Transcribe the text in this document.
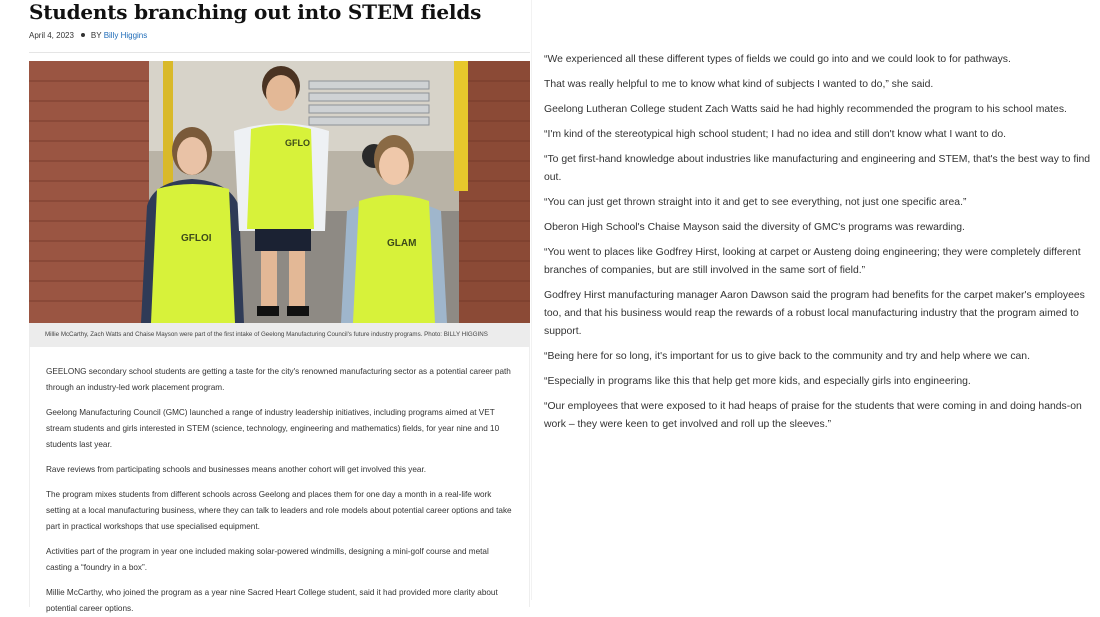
Students branching out into STEM fields
April 4, 2023 BY Billy Higgins
GFLOI
GFLO
GLAM
Millie McCarthy, Zach Watts and Chaise Mayson were part of the first intake of Geelong Manufacturing Council's future industry programs. Photo: BILLY HIGGINS

GEELONG secondary school students are getting a taste for the city's renowned manufacturing sector as a potential career path through an industry-led work placement program.

Geelong Manufacturing Council (GMC) launched a range of industry leadership initiatives, including programs aimed at VET stream students and girls interested in STEM (science, technology, engineering and mathematics) fields, for year nine and 10 students last year.

Rave reviews from participating schools and businesses means another cohort will get involved this year.

The program mixes students from different schools across Geelong and places them for one day a month in a real-life work setting at a local manufacturing business, where they can talk to leaders and role models about potential career options and take part in practical workshops that use specialised equipment.

Activities part of the program in year one included making solar-powered windmills, designing a mini-golf course and metal casting a “foundry in a box”.

Millie McCarthy, who joined the program as a year nine Sacred Heart College student, said it had provided more clarity about potential career options.

“We experienced all these different types of fields we could go into and we could look to for pathways.

That was really helpful to me to know what kind of subjects I wanted to do,” she said.

Geelong Lutheran College student Zach Watts said he had highly recommended the program to his school mates.

“I'm kind of the stereotypical high school student; I had no idea and still don't know what I want to do.

“To get first-hand knowledge about industries like manufacturing and engineering and STEM, that's the best way to find out.

“You can just get thrown straight into it and get to see everything, not just one specific area.”

Oberon High School's Chaise Mayson said the diversity of GMC's programs was rewarding.

“You went to places like Godfrey Hirst, looking at carpet or Austeng doing engineering; they were completely different branches of companies, but are still involved in the same sort of field.”

Godfrey Hirst manufacturing manager Aaron Dawson said the program had benefits for the carpet maker's employees too, and that his business would reap the rewards of a robust local manufacturing industry that the program aimed to support.

“Being here for so long, it's important for us to give back to the community and try and help where we can.

“Especially in programs like this that help get more kids, and especially girls into engineering.

“Our employees that were exposed to it had heaps of praise for the students that were coming in and doing hands-on work – they were keen to get involved and roll up the sleeves.”
